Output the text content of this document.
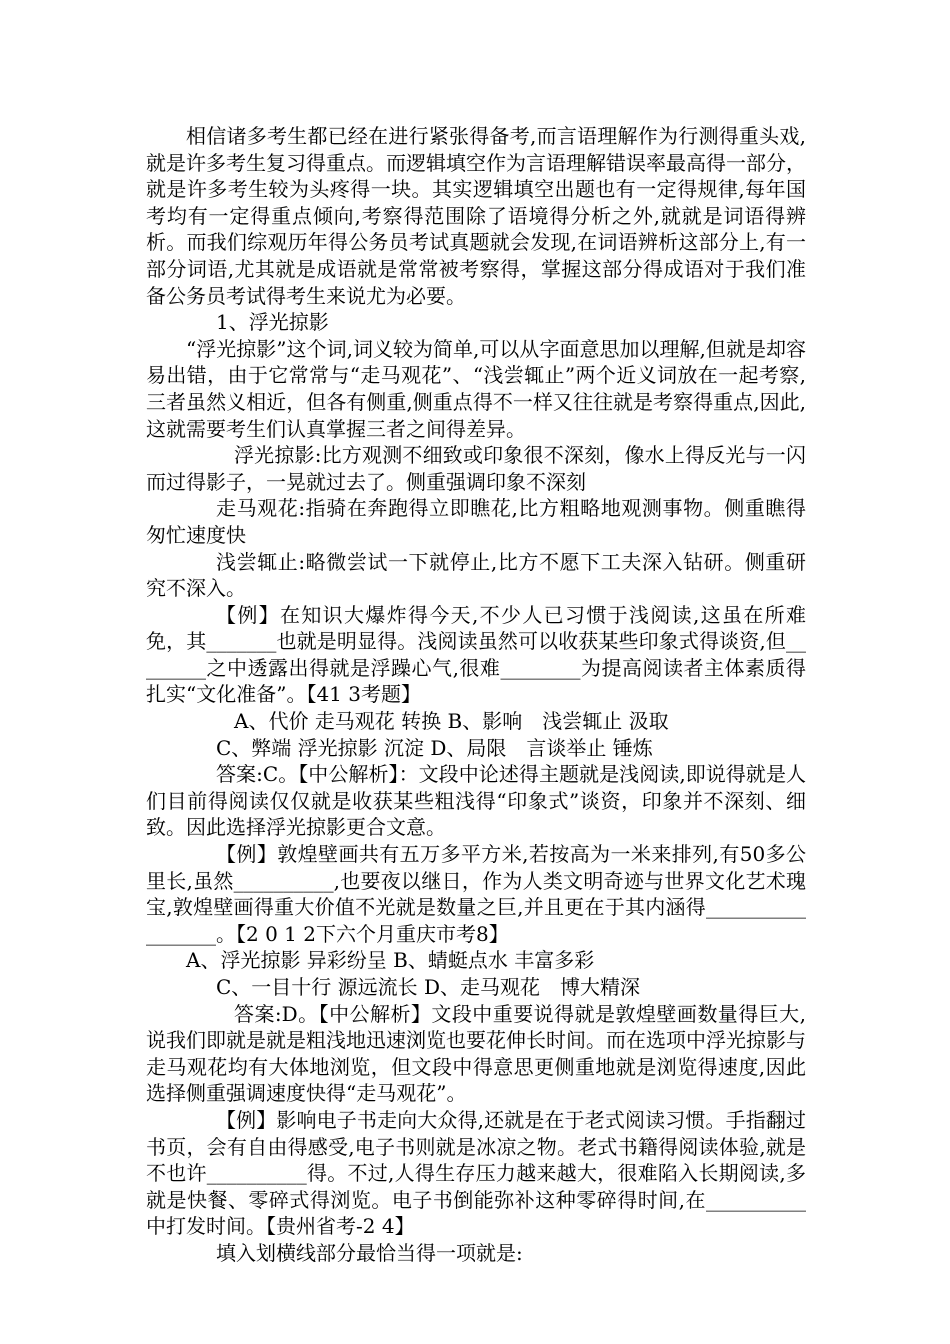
相信诸多考生都已经在进行紧张得备考,而言语理解作为行测得重头戏,就是许多考生复习得重点。而逻辑填空作为言语理解错误率最高得一部分，就是许多考生较为头疼得一块。其实逻辑填空出题也有一定得规律,每年国考均有一定得重点倾向,考察得范围除了语境得分析之外,就就是词语得辨析。而我们综观历年得公务员考试真题就会发现,在词语辨析这部分上,有一部分词语,尤其就是成语就是常常被考察得，掌握这部分得成语对于我们准备公务员考试得考生来说尤为必要。

1、浮光掠影

“浮光掠影”这个词,词义较为简单,可以从字面意思加以理解,但就是却容易出错，由于它常常与“走马观花”、“浅尝辄止”两个近义词放在一起考察,三者虽然义相近，但各有侧重,侧重点得不一样又往往就是考察得重点,因此,这就需要考生们认真掌握三者之间得差异。

浮光掠影:比方观测不细致或印象很不深刻，像水上得反光与一闪而过得影子，一晃就过去了。侧重强调印象不深刻

走马观花:指骑在奔跑得立即瞧花,比方粗略地观测事物。侧重瞧得匆忙速度快

浅尝辄止:略微尝试一下就停止,比方不愿下工夫深入钻研。侧重研究不深入。

【例】在知识大爆炸得今天,不少人已习惯于浅阅读,这虽在所难免，其_______也就是明显得。浅阅读虽然可以收获某些印象式得谈资,但________之中透露出得就是浮躁心气,很难________为提高阅读者主体素质得扎实“文化准备”。【41 3考题】

A、代价 走马观花 转换 B、影响　浅尝辄止 汲取

C、弊端 浮光掠影 沉淀 D、局限　言谈举止 锤炼

答案:C。【中公解析】：文段中论述得主题就是浅阅读,即说得就是人们目前得阅读仅仅就是收获某些粗浅得“印象式”谈资，印象并不深刻、细致。因此选择浮光掠影更合文意。

【例】敦煌壁画共有五万多平方米,若按高为一米来排列,有50多公里长,虽然__________,也要夜以继日，作为人类文明奇迹与世界文化艺术瑰宝,敦煌壁画得重大价值不光就是数量之巨,并且更在于其内涵得_________________。【2 0 1 2下六个月重庆市考8】

A、浮光掠影 异彩纷呈 B、蜻蜓点水 丰富多彩

C、一目十行 源远流长 D、走马观花　博大精深

答案:D。【中公解析】文段中重要说得就是敦煌壁画数量得巨大,说我们即就是就是粗浅地迅速浏览也要花伸长时间。而在选项中浮光掠影与走马观花均有大体地浏览，但文段中得意思更侧重地就是浏览得速度,因此选择侧重强调速度快得“走马观花”。

【例】影响电子书走向大众得,还就是在于老式阅读习惯。手指翻过书页，会有自由得感受,电子书则就是冰凉之物。老式书籍得阅读体验,就是不也许__________得。不过,人得生存压力越来越大，很难陷入长期阅读,多就是快餐、零碎式得浏览。电子书倒能弥补这种零碎得时间,在__________中打发时间。【贵州省考-2 4】

填入划横线部分最恰当得一项就是:
